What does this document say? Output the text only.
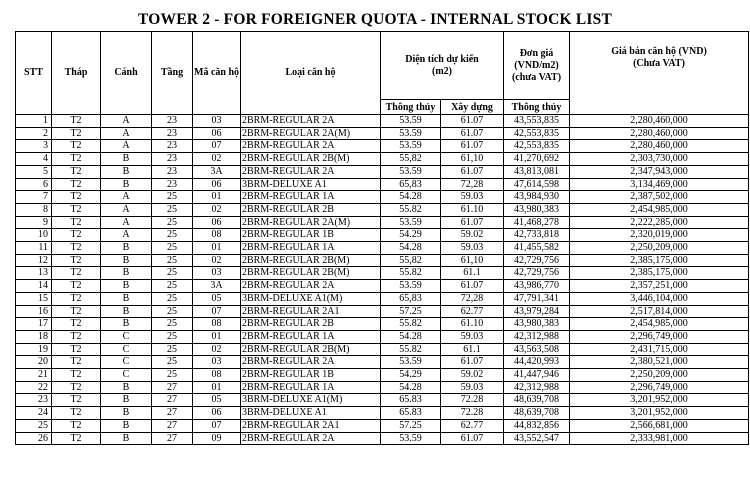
TOWER 2 - FOR FOREIGNER QUOTA - INTERNAL STOCK LIST
STT	Tháp	Cánh	Tầng	Mã căn hộ	Loại căn hộ	Diện tích dự kiến (m2)		Đơn giá (VND/m2) (chưa VAT)	Giá bán căn hộ (VND) (Chưa VAT)
						Thông thủy	Xây dựng	Thông thủy	
1	T2	A	23	03	2BRM-REGULAR 2A	53.59	61.07	43,553,835	2,280,460,000
2	T2	A	23	06	2BRM-REGULAR 2A(M)	53.59	61.07	42,553,835	2,280,460,000
3	T2	A	23	07	2BRM-REGULAR 2A	53.59	61.07	42,553,835	2,280,460,000
4	T2	B	23	02	2BRM-REGULAR 2B(M)	55,82	61,10	41,270,692	2,303,730,000
5	T2	B	23	3A	2BRM-REGULAR 2A	53.59	61.07	43,813,081	2,347,943,000
6	T2	B	23	06	3BRM-DELUXE A1	65,83	72,28	47,614,598	3,134,469,000
7	T2	A	25	01	2BRM-REGULAR 1A	54.28	59.03	43,984,930	2,387,502,000
8	T2	A	25	02	2BRM-REGULAR 2B	55.82	61.10	43,980,383	2,454,985,000
9	T2	A	25	06	2BRM-REGULAR 2A(M)	53.59	61.07	41,468,278	2,222,285,000
10	T2	A	25	08	2BRM-REGULAR 1B	54.29	59.02	42,733,818	2,320,019,000
11	T2	B	25	01	2BRM-REGULAR 1A	54.28	59.03	41,455,582	2,250,209,000
12	T2	B	25	02	2BRM-REGULAR 2B(M)	55,82	61,10	42,729,756	2,385,175,000
13	T2	B	25	03	2BRM-REGULAR 2B(M)	55.82	61.1	42,729,756	2,385,175,000
14	T2	B	25	3A	2BRM-REGULAR 2A	53.59	61.07	43,986,770	2,357,251,000
15	T2	B	25	05	3BRM-DELUXE A1(M)	65,83	72,28	47,791,341	3,446,104,000
16	T2	B	25	07	2BRM-REGULAR 2A1	57.25	62.77	43,979,284	2,517,814,000
17	T2	B	25	08	2BRM-REGULAR 2B	55.82	61.10	43,980,383	2,454,985,000
18	T2	C	25	01	2BRM-REGULAR 1A	54.28	59.03	42,312,988	2,296,749,000
19	T2	C	25	02	2BRM-REGULAR 2B(M)	55.82	61.1	43,563,508	2,431,715,000
20	T2	C	25	03	2BRM-REGULAR 2A	53.59	61.07	44,420,993	2,380,521,000
21	T2	C	25	08	2BRM-REGULAR 1B	54.29	59.02	41,447,946	2,250,209,000
22	T2	B	27	01	2BRM-REGULAR 1A	54.28	59.03	42,312,988	2,296,749,000
23	T2	B	27	05	3BRM-DELUXE A1(M)	65.83	72.28	48,639,708	3,201,952,000
24	T2	B	27	06	3BRM-DELUXE A1	65.83	72.28	48,639,708	3,201,952,000
25	T2	B	27	07	2BRM-REGULAR 2A1	57.25	62.77	44,832,856	2,566,681,000
26	T2	B	27	09	2BRM-REGULAR 2A	53.59	61.07	43,552,547	2,333,981,000
